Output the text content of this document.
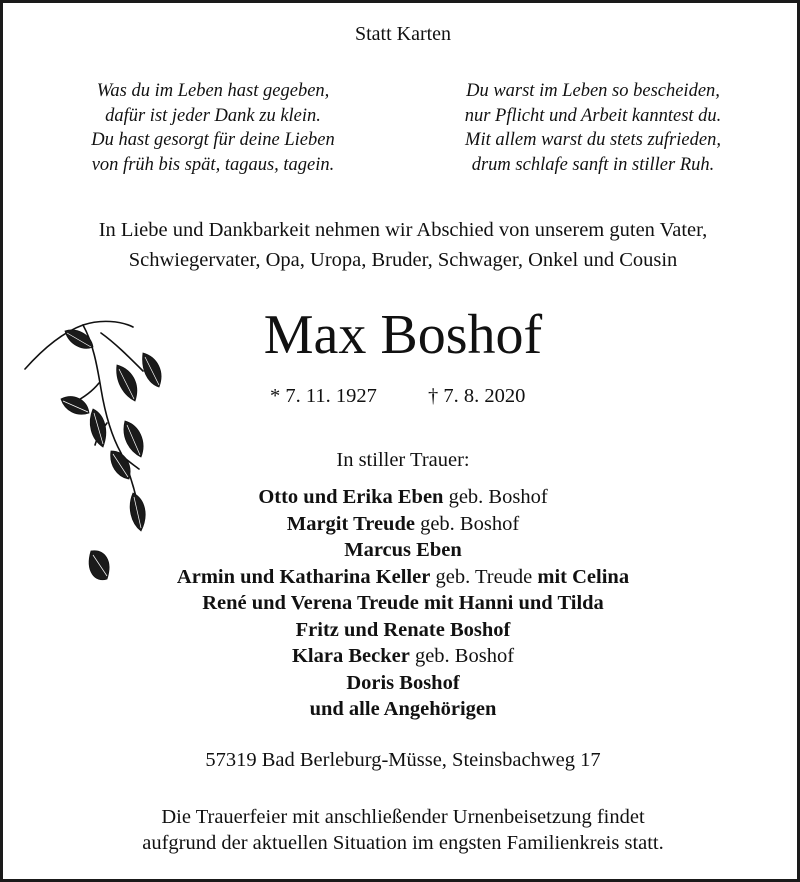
Statt Karten
Was du im Leben hast gegeben,
dafür ist jeder Dank zu klein.
Du hast gesorgt für deine Lieben
von früh bis spät, tagaus, tagein.
Du warst im Leben so bescheiden,
nur Pflicht und Arbeit kanntest du.
Mit allem warst du stets zufrieden,
drum schlafe sanft in stiller Ruh.
In Liebe und Dankbarkeit nehmen wir Abschied von unserem guten Vater,
Schwiegervater, Opa, Uropa, Bruder, Schwager, Onkel und Cousin
Max Boshof
* 7. 11. 1927 † 7. 8. 2020
In stiller Trauer:
Otto und Erika Eben geb. Boshof
Margit Treude geb. Boshof
Marcus Eben
Armin und Katharina Keller geb. Treude mit Celina
René und Verena Treude mit Hanni und Tilda
Fritz und Renate Boshof
Klara Becker geb. Boshof
Doris Boshof
und alle Angehörigen
57319 Bad Berleburg-Müsse, Steinsbachweg 17
Die Trauerfeier mit anschließender Urnenbeisetzung findet
aufgrund der aktuellen Situation im engsten Familienkreis statt.
